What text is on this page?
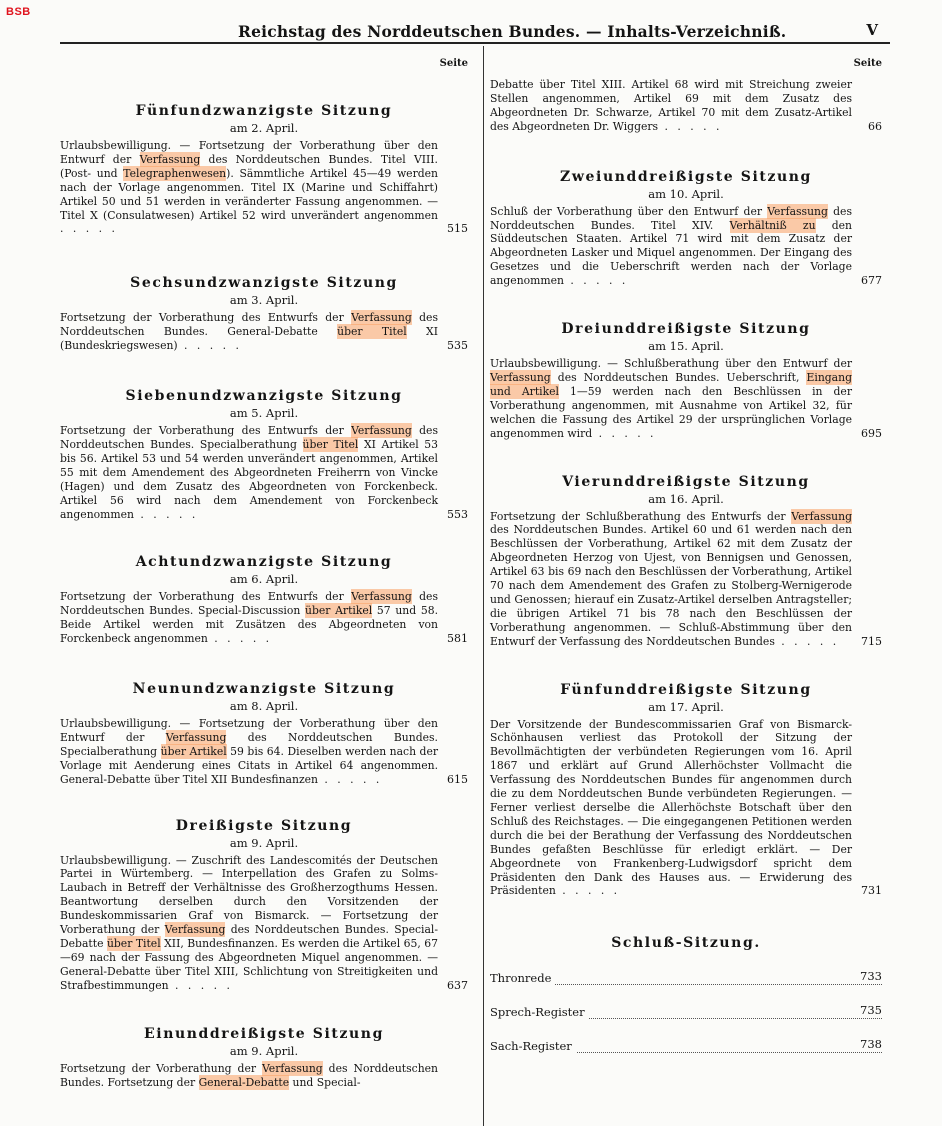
BSB
Reichstag des Norddeutschen Bundes. — Inhalts-Verzeichniß.	V
Seite
Fünfundzwanzigste Sitzung
am 2. April.

Urlaubsbewilligung. — Fortsetzung der Vorberathung über den Entwurf der Verfassung des Norddeutschen Bundes. Titel VIII. (Post- und Telegraphenwesen). Sämmtliche Artikel 45—49 werden nach der Vorlage angenommen. Titel IX (Marine und Schiffahrt) Artikel 50 und 51 werden in veränderter Fassung angenommen. — Titel X (Consulatwesen) Artikel 52 wird unverändert angenommen . . . . .	515

Sechsundzwanzigste Sitzung
am 3. April.

Fortsetzung der Vorberathung des Entwurfs der Verfassung des Norddeutschen Bundes. General-Debatte über Titel XI (Bundeskriegswesen) . . . . .	535

Siebenundzwanzigste Sitzung
am 5. April.

Fortsetzung der Vorberathung des Entwurfs der Verfassung des Norddeutschen Bundes. Specialberathung über Titel XI Artikel 53 bis 56. Artikel 53 und 54 werden unverändert angenommen, Artikel 55 mit dem Amendement des Abgeordneten Freiherrn von Vincke (Hagen) und dem Zusatz des Abgeordneten von Forckenbeck. Artikel 56 wird nach dem Amendement von Forckenbeck angenommen . . . . .	553

Achtundzwanzigste Sitzung
am 6. April.

Fortsetzung der Vorberathung des Entwurfs der Verfassung des Norddeutschen Bundes. Special-Discussion über Artikel 57 und 58. Beide Artikel werden mit Zusätzen des Abgeordneten von Forckenbeck angenommen . . . . .	581

Neunundzwanzigste Sitzung
am 8. April.

Urlaubsbewilligung. — Fortsetzung der Vorberathung über den Entwurf der Verfassung des Norddeutschen Bundes. Specialberathung über Artikel 59 bis 64. Dieselben werden nach der Vorlage mit Aenderung eines Citats in Artikel 64 angenommen. General-Debatte über Titel XII Bundesfinanzen . . . . .	615

Dreißigste Sitzung
am 9. April.

Urlaubsbewilligung. — Zuschrift des Landescomités der Deutschen Partei in Würtemberg. — Interpellation des Grafen zu Solms-Laubach in Betreff der Verhältnisse des Großherzogthums Hessen. Beantwortung derselben durch den Vorsitzenden der Bundeskommissarien Graf von Bismarck. — Fortsetzung der Vorberathung der Verfassung des Norddeutschen Bundes. Special-Debatte über Titel XII, Bundesfinanzen. Es werden die Artikel 65, 67—69 nach der Fassung des Abgeordneten Miquel angenommen. — General-Debatte über Titel XIII, Schlichtung von Streitigkeiten und Strafbestimmungen . . . . .	637

Einunddreißigste Sitzung
am 9. April.

Fortsetzung der Vorberathung der Verfassung des Norddeutschen Bundes. Fortsetzung der General-Debatte und Special-

Seite

Debatte über Titel XIII. Artikel 68 wird mit Streichung zweier Stellen angenommen, Artikel 69 mit dem Zusatz des Abgeordneten Dr. Schwarze, Artikel 70 mit dem Zusatz-Artikel des Abgeordneten Dr. Wiggers . . . . .	66

Zweiunddreißigste Sitzung
am 10. April.

Schluß der Vorberathung über den Entwurf der Verfassung des Norddeutschen Bundes. Titel XIV. Verhältniß zu den Süddeutschen Staaten. Artikel 71 wird mit dem Zusatz der Abgeordneten Lasker und Miquel angenommen. Der Eingang des Gesetzes und die Ueberschrift werden nach der Vorlage angenommen . . . . .	677

Dreiunddreißigste Sitzung
am 15. April.

Urlaubsbewilligung. — Schlußberathung über den Entwurf der Verfassung des Norddeutschen Bundes. Ueberschrift, Eingang und Artikel 1—59 werden nach den Beschlüssen in der Vorberathung angenommen, mit Ausnahme von Artikel 32, für welchen die Fassung des Artikel 29 der ursprünglichen Vorlage angenommen wird . . . . .	695

Vierunddreißigste Sitzung
am 16. April.

Fortsetzung der Schlußberathung des Entwurfs der Verfassung des Norddeutschen Bundes. Artikel 60 und 61 werden nach den Beschlüssen der Vorberathung, Artikel 62 mit dem Zusatz der Abgeordneten Herzog von Ujest, von Bennigsen und Genossen, Artikel 63 bis 69 nach den Beschlüssen der Vorberathung, Artikel 70 nach dem Amendement des Grafen zu Stolberg-Wernigerode und Genossen; hierauf ein Zusatz-Artikel derselben Antragsteller; die übrigen Artikel 71 bis 78 nach den Beschlüssen der Vorberathung angenommen. — Schluß-Abstimmung über den Entwurf der Verfassung des Norddeutschen Bundes . . . . . 715

Fünfunddreißigste Sitzung
am 17. April.

Der Vorsitzende der Bundescommissarien Graf von Bismarck-Schönhausen verliest das Protokoll der Sitzung der Bevollmächtigten der verbündeten Regierungen vom 16. April 1867 und erklärt auf Grund Allerhöchster Vollmacht die Verfassung des Norddeutschen Bundes für angenommen durch die zu dem Norddeutschen Bunde verbündeten Regierungen. — Ferner verliest derselbe die Allerhöchste Botschaft über den Schluß des Reichstages. — Die eingegangenen Petitionen werden durch die bei der Berathung der Verfassung des Norddeutschen Bundes gefaßten Beschlüsse für erledigt erklärt. — Der Abgeordnete von Frankenberg-Ludwigsdorf spricht dem Präsidenten den Dank des Hauses aus. — Erwiderung des Präsidenten . . . . .	731

Schluß-Sitzung.
Thronrede	733
Sprech-Register	735
Sach-Register	738
